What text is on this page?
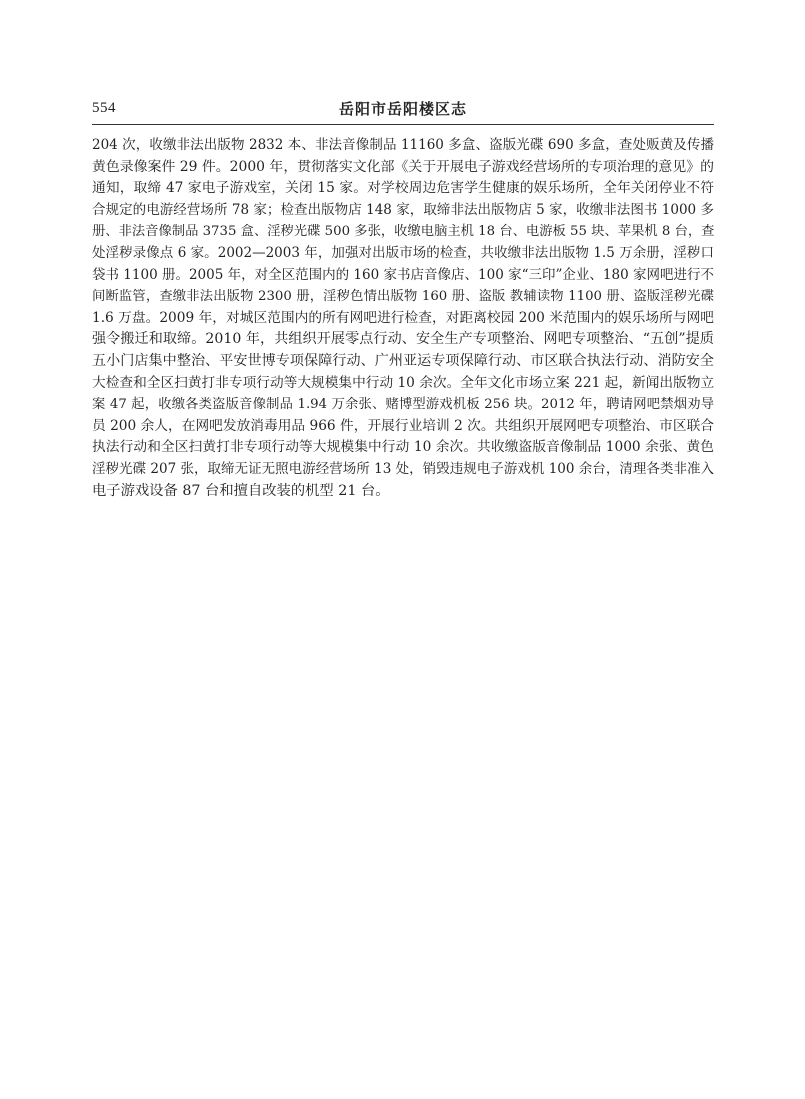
554	岳阳市岳阳楼区志
204 次，收缴非法出版物 2832 本、非法音像制品 11160 多盒、盗版光碟 690 多盒，查处贩黄及传播
黄色录像案件 29 件。2000 年，贯彻落实文化部《关于开展电子游戏经营场所的专项治理的意见》的
通知，取缔 47 家电子游戏室，关闭 15 家。对学校周边危害学生健康的娱乐场所，全年关闭停业不符
合规定的电游经营场所 78 家；检查出版物店 148 家，取缔非法出版物店 5 家，收缴非法图书 1000 多
册、非法音像制品 3735 盒、淫秽光碟 500 多张，收缴电脑主机 18 台、电游板 55 块、苹果机 8 台，查
处淫秽录像点 6 家。2002—2003 年，加强对出版市场的检查，共收缴非法出版物 1.5 万余册，淫秽口
袋书 1100 册。2005 年，对全区范围内的 160 家书店音像店、100 家“三印”企业、180 家网吧进行不
间断监管，查缴非法出版物 2300 册，淫秽色情出版物 160 册、盗版 教辅读物 1100 册、盗版淫秽光碟
1.6 万盘。2009 年，对城区范围内的所有网吧进行检查，对距离校园 200 米范围内的娱乐场所与网吧
强令搬迁和取缔。2010 年，共组织开展零点行动、安全生产专项整治、网吧专项整治、“五创”提质
五小门店集中整治、平安世博专项保障行动、广州亚运专项保障行动、市区联合执法行动、消防安全
大检查和全区扫黄打非专项行动等大规模集中行动 10 余次。全年文化市场立案 221 起，新闻出版物立
案 47 起，收缴各类盗版音像制品 1.94 万余张、赌博型游戏机板 256 块。2012 年，聘请网吧禁烟劝导
员 200 余人，在网吧发放消毒用品 966 件，开展行业培训 2 次。共组织开展网吧专项整治、市区联合
执法行动和全区扫黄打非专项行动等大规模集中行动 10 余次。共收缴盗版音像制品 1000 余张、黄色
淫秽光碟 207 张，取缔无证无照电游经营场所 13 处，销毁违规电子游戏机 100 余台，清理各类非准入
电子游戏设备 87 台和擅自改装的机型 21 台。
